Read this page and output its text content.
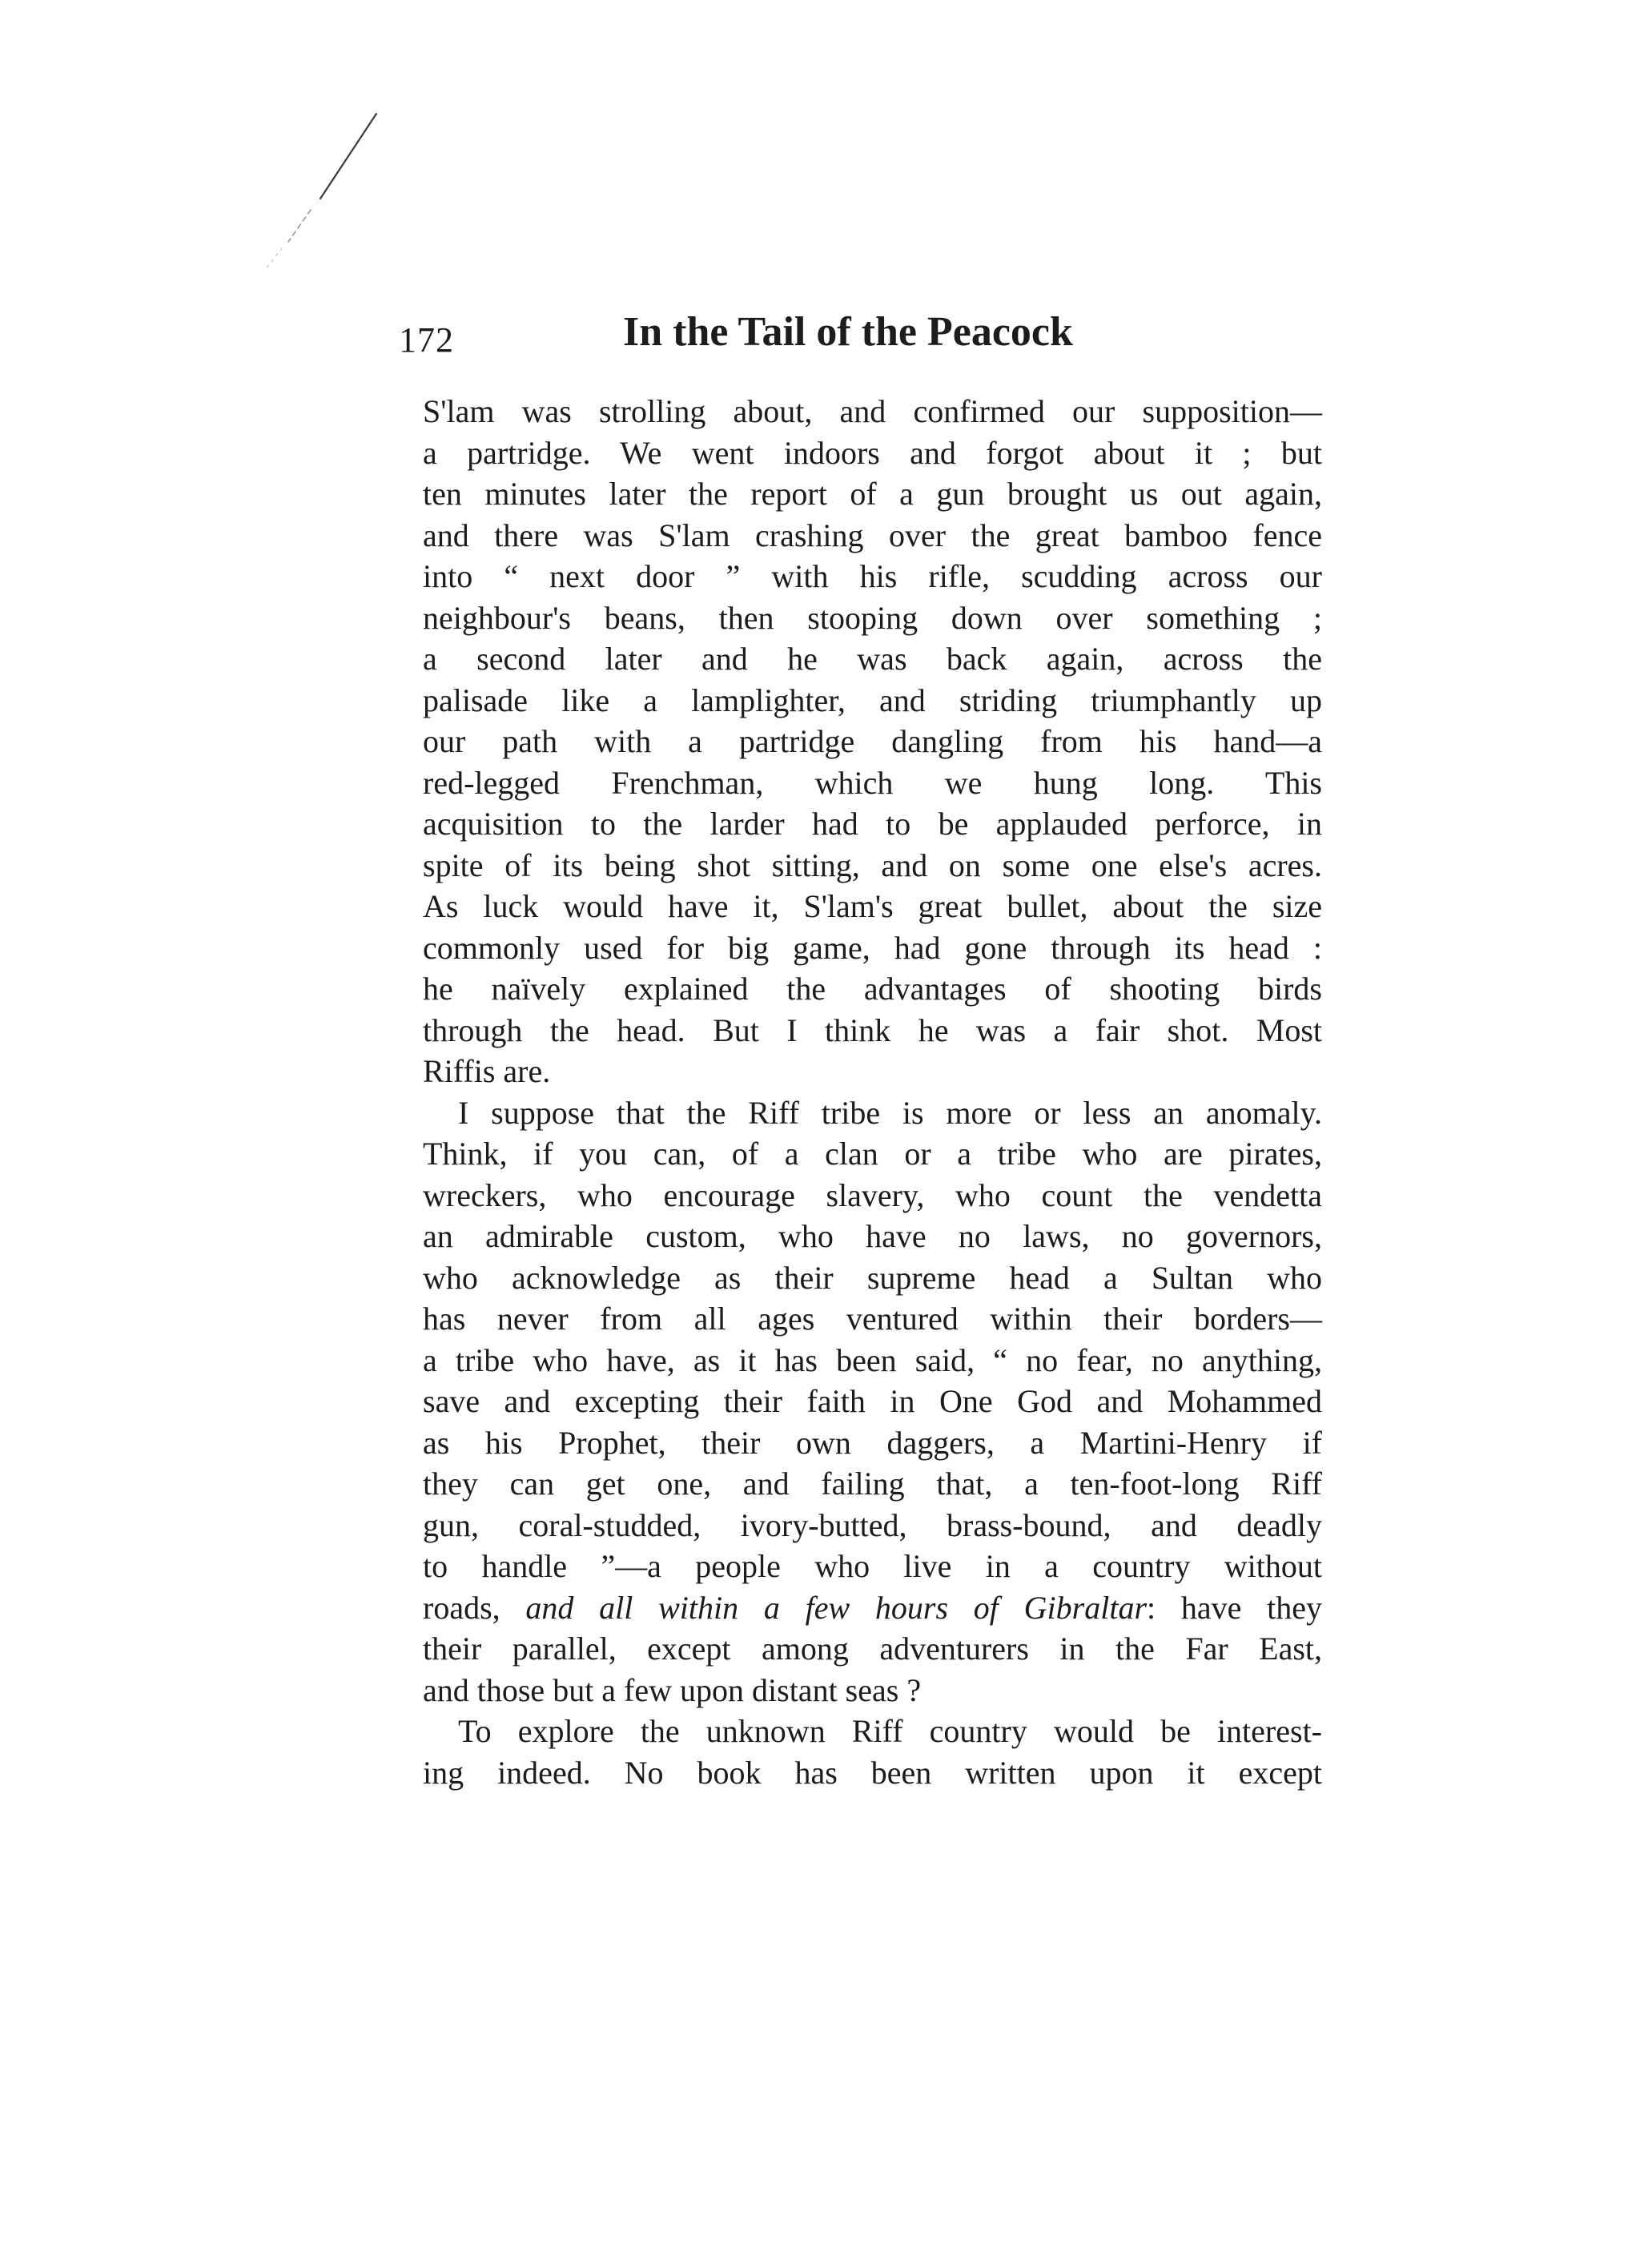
172	In the Tail of the Peacock
S'lam was strolling about, and confirmed our supposition—
a partridge. We went indoors and forgot about it ; but
ten minutes later the report of a gun brought us out again,
and there was S'lam crashing over the great bamboo fence
into “ next door ” with his rifle, scudding across our
neighbour's beans, then stooping down over something ;
a second later and he was back again, across the
palisade like a lamplighter, and striding triumphantly up
our path with a partridge dangling from his hand—a
red-legged Frenchman, which we hung long. This
acquisition to the larder had to be applauded perforce, in
spite of its being shot sitting, and on some one else's acres.
As luck would have it, S'lam's great bullet, about the size
commonly used for big game, had gone through its head :
he naïvely explained the advantages of shooting birds
through the head. But I think he was a fair shot. Most
Riffis are.
I suppose that the Riff tribe is more or less an anomaly.
Think, if you can, of a clan or a tribe who are pirates,
wreckers, who encourage slavery, who count the vendetta
an admirable custom, who have no laws, no governors,
who acknowledge as their supreme head a Sultan who
has never from all ages ventured within their borders—
a tribe who have, as it has been said, “ no fear, no anything,
save and excepting their faith in One God and Mohammed
as his Prophet, their own daggers, a Martini-Henry if
they can get one, and failing that, a ten-foot-long Riff
gun, coral-studded, ivory-butted, brass-bound, and deadly
to handle ”—a people who live in a country without
roads, and all within a few hours of Gibraltar: have they
their parallel, except among adventurers in the Far East,
and those but a few upon distant seas ?
To explore the unknown Riff country would be interest-
ing indeed. No book has been written upon it except
